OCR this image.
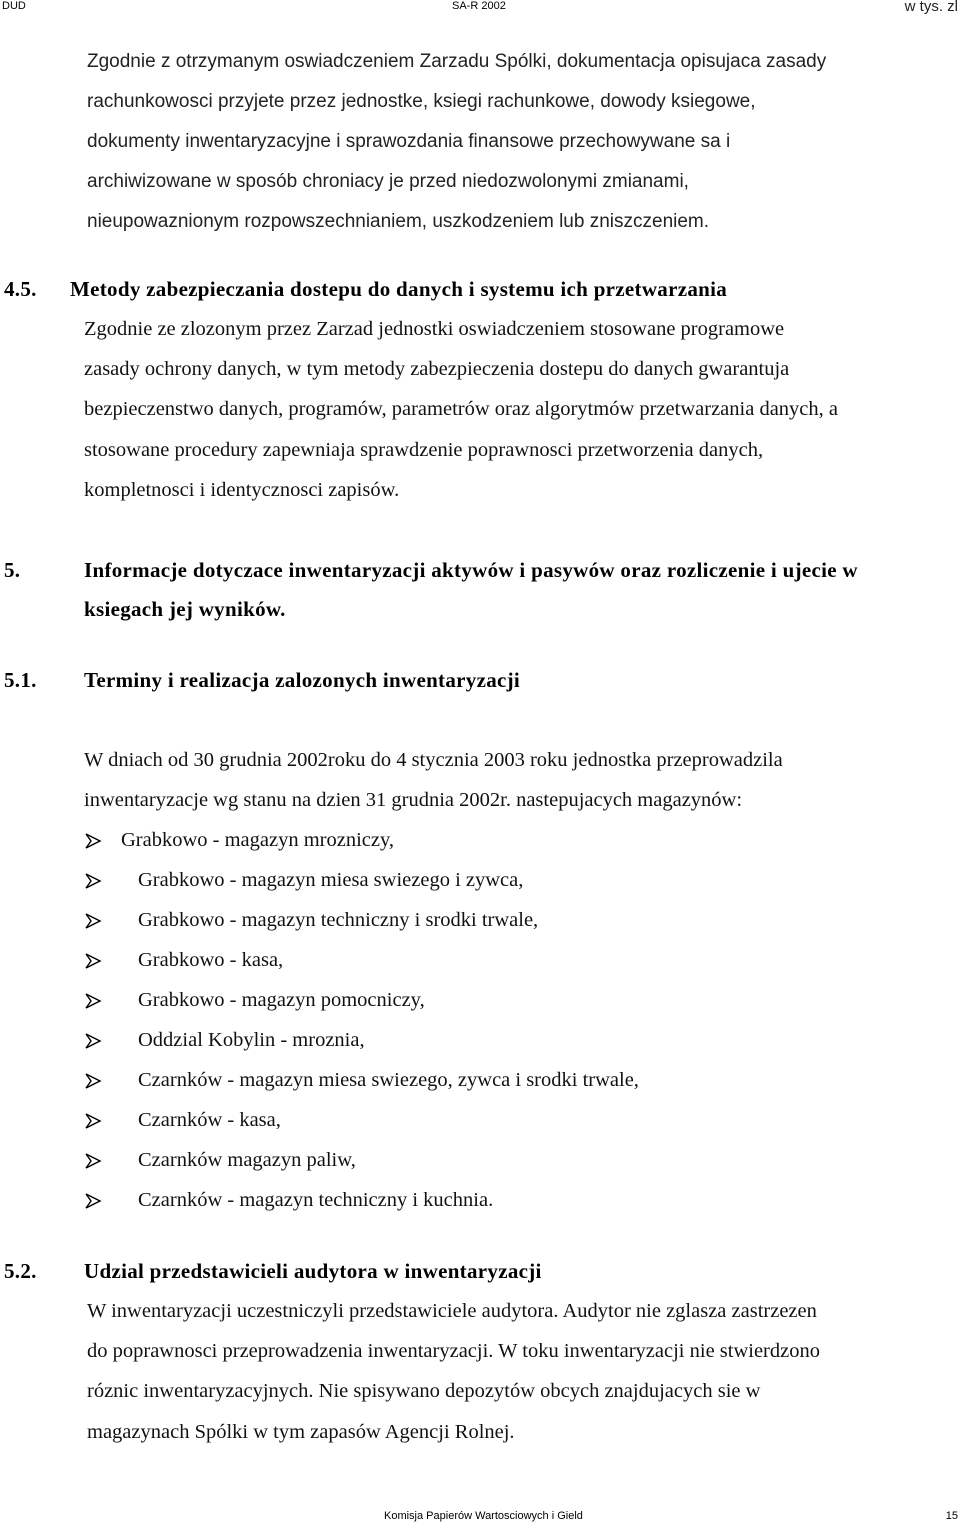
DUD	SA-R 2002	w tys. zl
Zgodnie z otrzymanym oswiadczeniem Zarzadu Spólki, dokumentacja opisujaca zasady
rachunkowosci przyjete przez jednostke, ksiegi rachunkowe, dowody ksiegowe,
dokumenty inwentaryzacyjne i sprawozdania finansowe przechowywane sa i
archiwizowane w sposób chroniacy je przed niedozwolonymi zmianami,
nieupowaznionym rozpowszechnianiem, uszkodzeniem lub zniszczeniem.
4.5. Metody zabezpieczania dostepu do danych i systemu ich przetwarzania
Zgodnie ze zlozonym przez Zarzad jednostki oswiadczeniem stosowane programowe
zasady ochrony danych, w tym metody zabezpieczenia dostepu do danych gwarantuja
bezpieczenstwo danych, programów, parametrów oraz algorytmów przetwarzania danych, a
stosowane procedury zapewniaja sprawdzenie poprawnosci przetworzenia danych,
kompletnosci i identycznosci zapisów.
5.	Informacje dotyczace inwentaryzacji aktywów i pasywów oraz rozliczenie i ujecie w
ksiegach jej wyników.
5.1. Terminy i realizacja zalozonych inwentaryzacji
W dniach od 30 grudnia 2002roku do 4 stycznia 2003 roku jednostka przeprowadzila
inwentaryzacje wg stanu na dzien 31 grudnia 2002r. nastepujacych magazynów:
Grabkowo - magazyn mrozniczy,
Grabkowo - magazyn miesa swiezego i zywca,
Grabkowo - magazyn techniczny i srodki trwale,
Grabkowo - kasa,
Grabkowo - magazyn pomocniczy,
Oddzial Kobylin - mroznia,
Czarnków - magazyn miesa swiezego, zywca i srodki trwale,
Czarnków - kasa,
Czarnków magazyn paliw,
Czarnków - magazyn techniczny i kuchnia.
5.2. Udzial przedstawicieli audytora w inwentaryzacji
W inwentaryzacji uczestniczyli przedstawiciele audytora. Audytor nie zglasza zastrzezen
do poprawnosci przeprowadzenia inwentaryzacji. W toku inwentaryzacji nie stwierdzono
róznic inwentaryzacyjnych. Nie spisywano depozytów obcych znajdujacych sie w
magazynach Spólki w tym zapasów Agencji Rolnej.
Komisja Papierów Wartosciowych i Gield	15
